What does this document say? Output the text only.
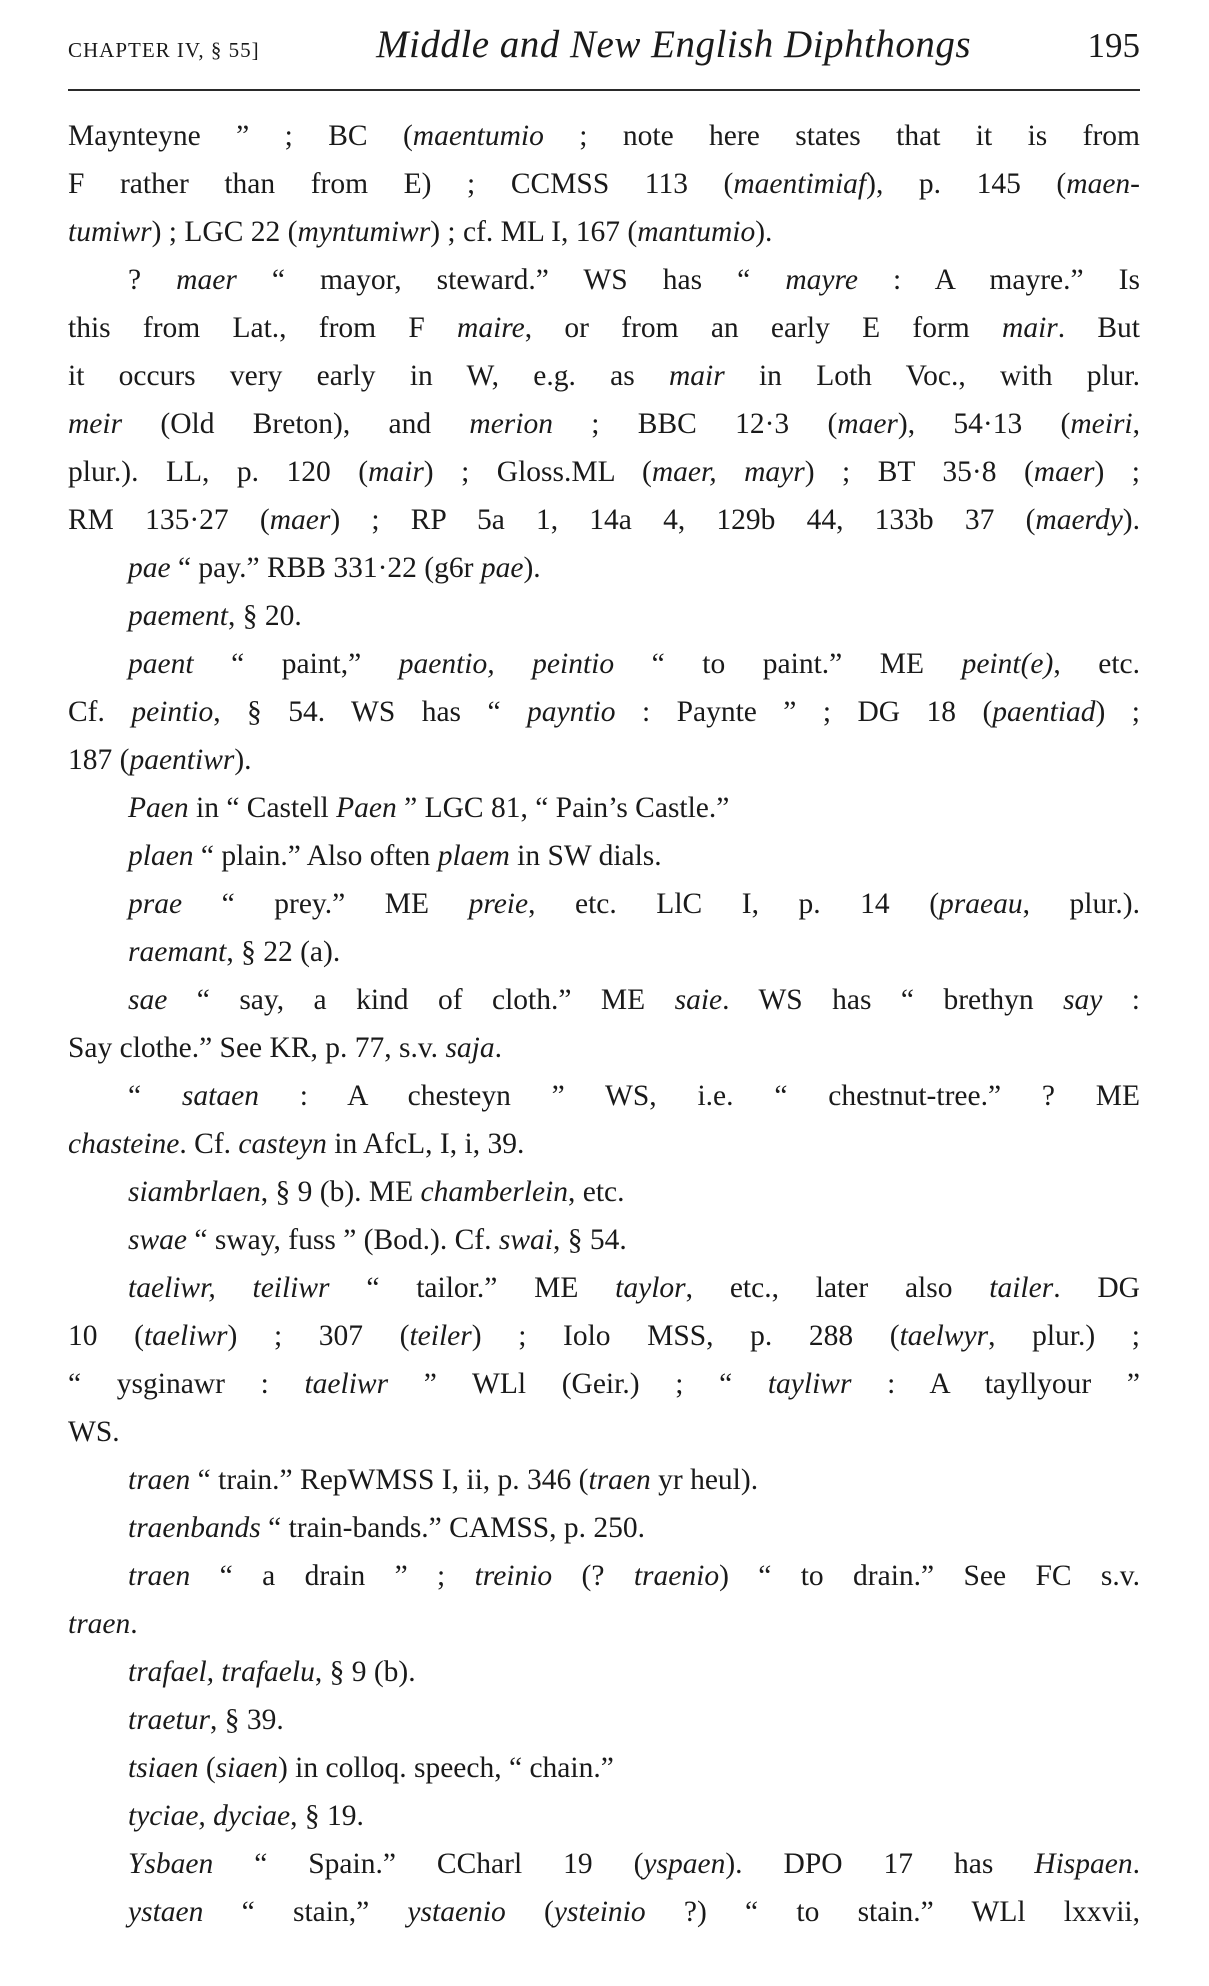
CHAPTER IV, § 55]	Middle and New English Diphthongs	195
Maynteyne ” ; BC (maentumio ; note here states that it is from
F rather than from E) ; CCMSS 113 (maentimiaf), p. 145 (maen-
tumiwr) ; LGC 22 (myntumiwr) ; cf. ML I, 167 (mantumio).
? maer “ mayor, steward.” WS has “ mayre : A mayre.” Is
this from Lat., from F maire, or from an early E form mair. But
it occurs very early in W, e.g. as mair in Loth Voc., with plur.
meir (Old Breton), and merion ; BBC 12·3 (maer), 54·13 (meiri,
plur.). LL, p. 120 (mair) ; Gloss.ML (maer, mayr) ; BT 35·8 (maer) ;
RM 135·27 (maer) ; RP 5a 1, 14a 4, 129b 44, 133b 37 (maerdy).
pae “ pay.” RBB 331·22 (g6r pae).
paement, § 20.
paent “ paint,” paentio, peintio “ to paint.” ME peint(e), etc.
Cf. peintio, § 54. WS has “ payntio : Paynte ” ; DG 18 (paentiad) ;
187 (paentiwr).
Paen in “ Castell Paen ” LGC 81, “ Pain’s Castle.”
plaen “ plain.” Also often plaem in SW dials.
prae “ prey.” ME preie, etc. LlC I, p. 14 (praeau, plur.).
raemant, § 22 (a).
sae “ say, a kind of cloth.” ME saie. WS has “ brethyn say :
Say clothe.” See KR, p. 77, s.v. saja.
“ sataen : A chesteyn ” WS, i.e. “ chestnut-tree.” ? ME
chasteine. Cf. casteyn in AfcL, I, i, 39.
siambrlaen, § 9 (b). ME chamberlein, etc.
swae “ sway, fuss ” (Bod.). Cf. swai, § 54.
taeliwr, teiliwr “ tailor.” ME taylor, etc., later also tailer. DG
10 (taeliwr) ; 307 (teiler) ; Iolo MSS, p. 288 (taelwyr, plur.) ;
“ ysginawr : taeliwr ” WLl (Geir.) ; “ tayliwr : A tayllyour ”
WS.
traen “ train.” RepWMSS I, ii, p. 346 (traen yr heul).
traenbands “ train-bands.” CAMSS, p. 250.
traen “ a drain ” ; treinio (? traenio) “ to drain.” See FC s.v.
traen.
trafael, trafaelu, § 9 (b).
traetur, § 39.
tsiaen (siaen) in colloq. speech, “ chain.”
tyciae, dyciae, § 19.
Ysbaen “ Spain.” CCharl 19 (yspaen). DPO 17 has Hispaen.
ystaen “ stain,” ystaenio (ysteinio ?) “ to stain.” WLl lxxvii,
